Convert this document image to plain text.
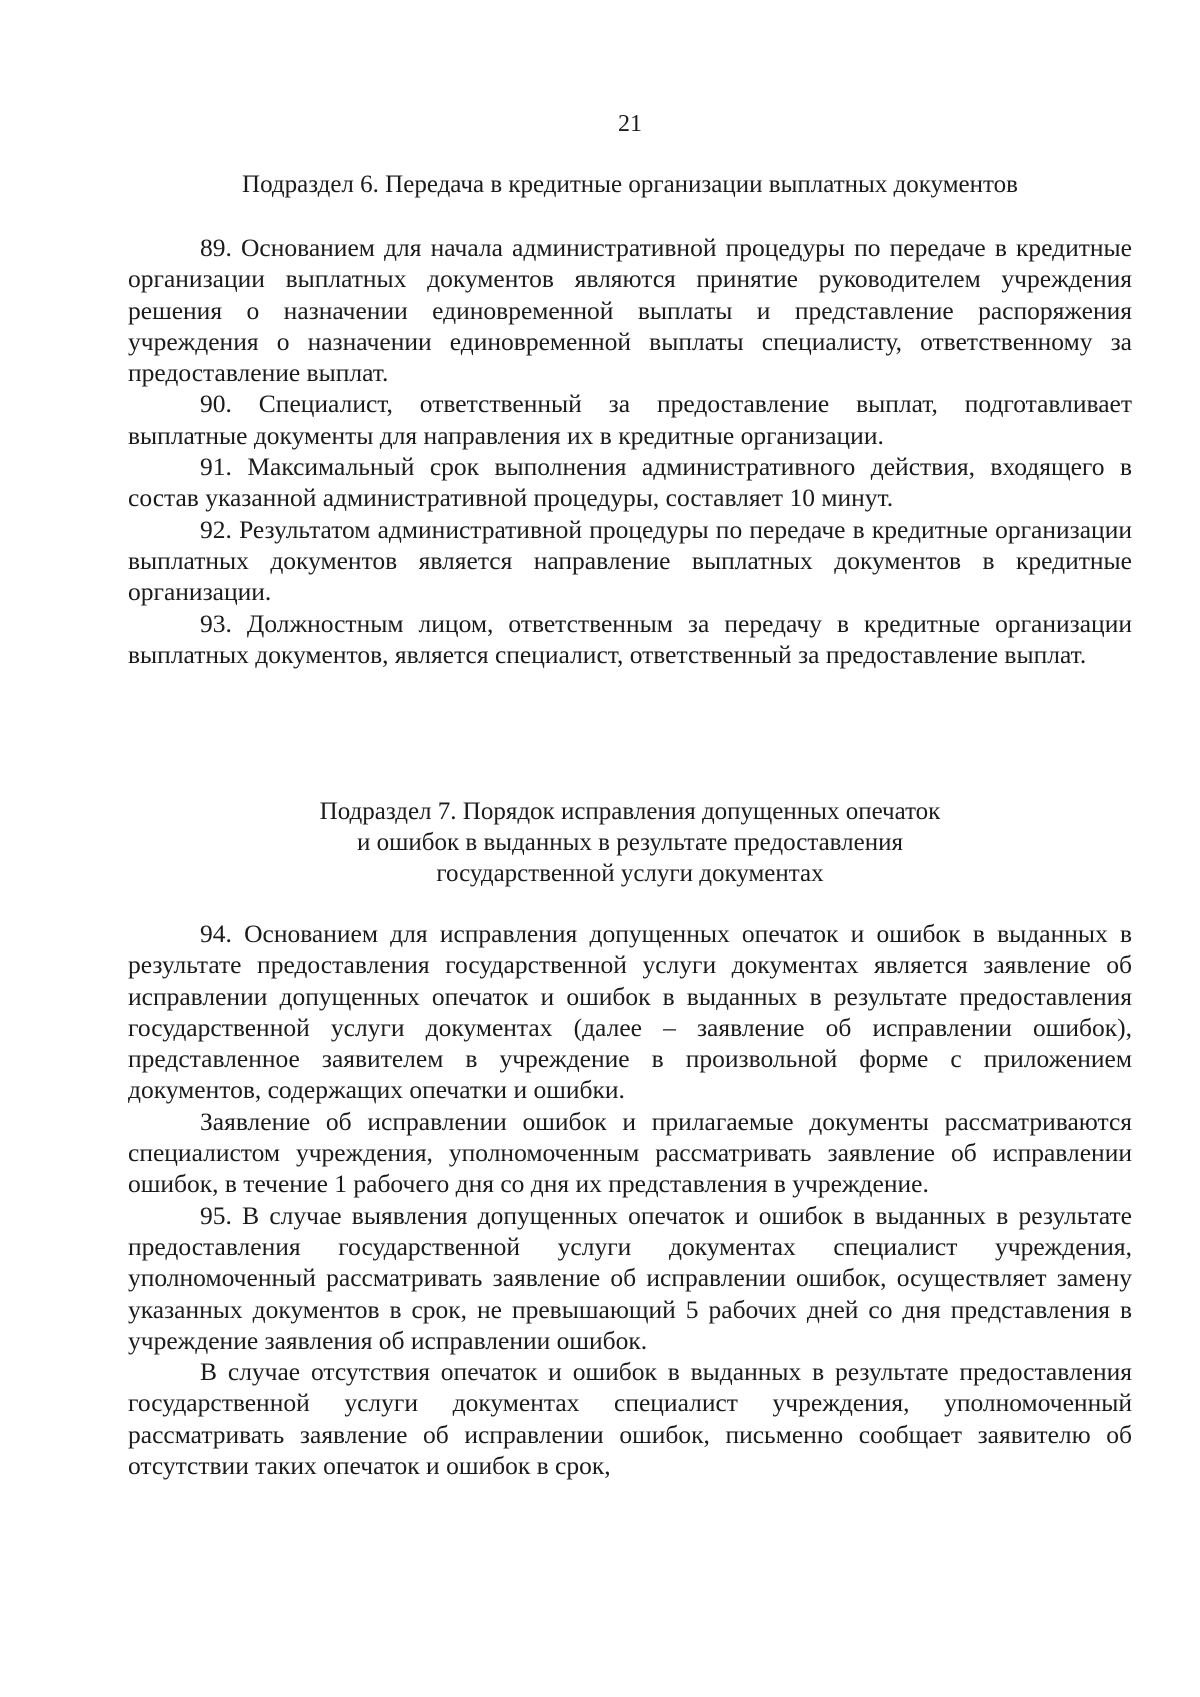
21
Подраздел 6. Передача в кредитные организации выплатных документов

89. Основанием для начала административной процедуры по передаче в кредитные организации выплатных документов являются принятие руководителем учреждения решения о назначении единовременной выплаты и представление распоряжения учреждения о назначении единовременной выплаты специалисту, ответственному за предоставление выплат.

90. Специалист, ответственный за предоставление выплат, подготавливает выплатные документы для направления их в кредитные организации.

91. Максимальный срок выполнения административного действия, входящего в состав указанной административной процедуры, составляет 10 минут.

92. Результатом административной процедуры по передаче в кредитные организации выплатных документов является направление выплатных документов в кредитные организации.

93. Должностным лицом, ответственным за передачу в кредитные организации выплатных документов, является специалист, ответственный за предоставление выплат.

Подраздел 7. Порядок исправления допущенных опечаток
и ошибок в выданных в результате предоставления
государственной услуги документах

94. Основанием для исправления допущенных опечаток и ошибок в выданных в результате предоставления государственной услуги документах является заявление об исправлении допущенных опечаток и ошибок в выданных в результате предоставления государственной услуги документах (далее – заявление об исправлении ошибок), представленное заявителем в учреждение в произвольной форме с приложением документов, содержащих опечатки и ошибки.

Заявление об исправлении ошибок и прилагаемые документы рассматриваются специалистом учреждения, уполномоченным рассматривать заявление об исправлении ошибок, в течение 1 рабочего дня со дня их представления в учреждение.

95. В случае выявления допущенных опечаток и ошибок в выданных в результате предоставления государственной услуги документах специалист учреждения, уполномоченный рассматривать заявление об исправлении ошибок, осуществляет замену указанных документов в срок, не превышающий 5 рабочих дней со дня представления в учреждение заявления об исправлении ошибок.

В случае отсутствия опечаток и ошибок в выданных в результате предоставления государственной услуги документах специалист учреждения, уполномоченный рассматривать заявление об исправлении ошибок, письменно сообщает заявителю об отсутствии таких опечаток и ошибок в срок,
